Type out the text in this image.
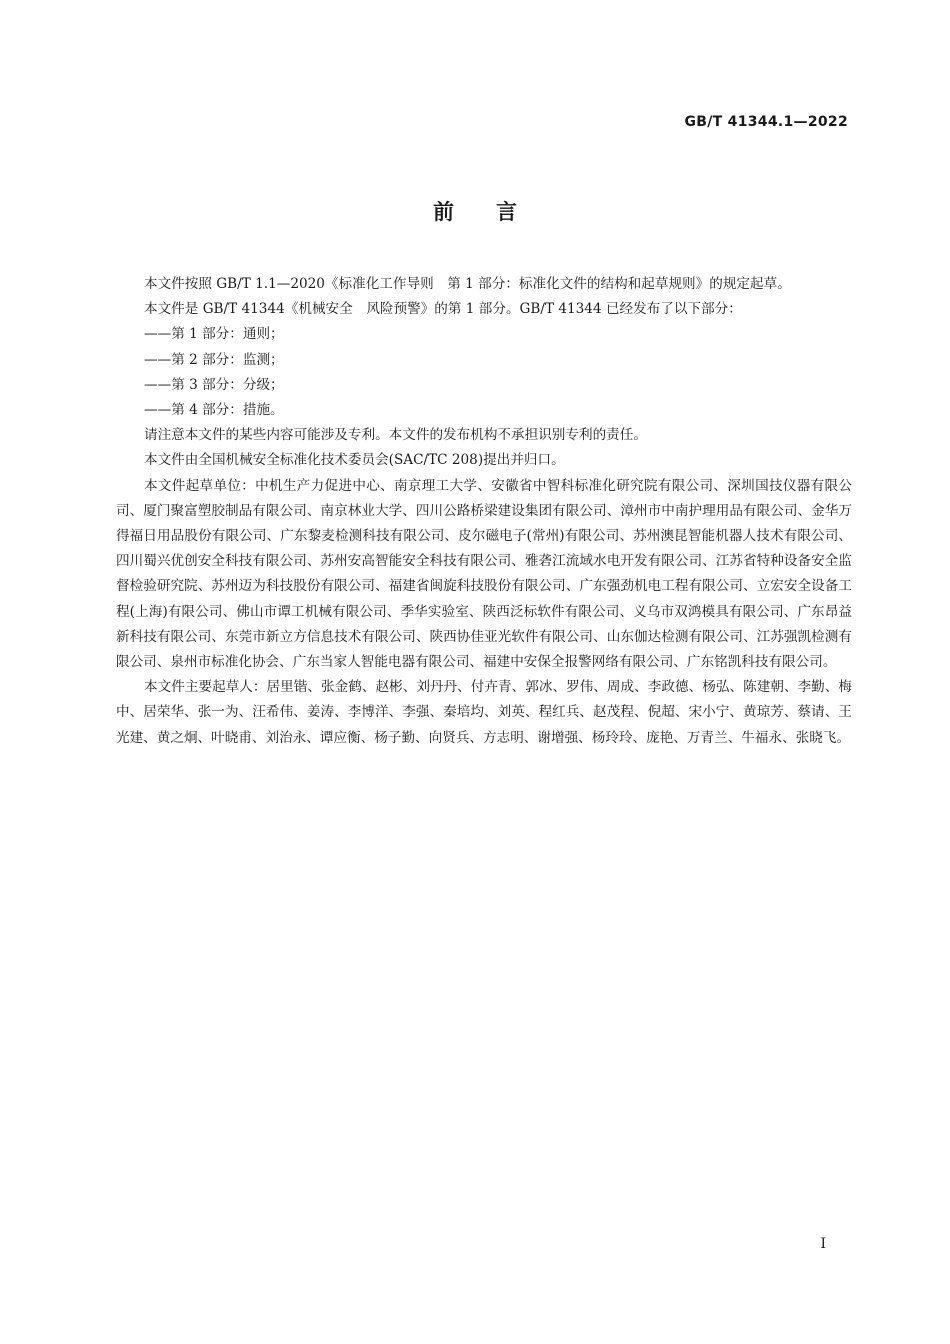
GB/T 41344.1—2022
前言

本文件按照 GB/T 1.1—2020《标准化工作导则　第 1 部分：标准化文件的结构和起草规则》的规定起草。

本文件是 GB/T 41344《机械安全　风险预警》的第 1 部分。GB/T 41344 已经发布了以下部分：

——第 1 部分：通则；

——第 2 部分：监测；

——第 3 部分：分级；

——第 4 部分：措施。

请注意本文件的某些内容可能涉及专利。本文件的发布机构不承担识别专利的责任。

本文件由全国机械安全标准化技术委员会(SAC/TC 208)提出并归口。

本文件起草单位：中机生产力促进中心、南京理工大学、安徽省中智科标准化研究院有限公司、深圳国技仪器有限公司、厦门聚富塑胶制品有限公司、南京林业大学、四川公路桥梁建设集团有限公司、漳州市中南护理用品有限公司、金华万得福日用品股份有限公司、广东黎麦检测科技有限公司、皮尔磁电子(常州)有限公司、苏州澳昆智能机器人技术有限公司、四川蜀兴优创安全科技有限公司、苏州安高智能安全科技有限公司、雅砻江流域水电开发有限公司、江苏省特种设备安全监督检验研究院、苏州迈为科技股份有限公司、福建省闽旋科技股份有限公司、广东强劲机电工程有限公司、立宏安全设备工程(上海)有限公司、佛山市谭工机械有限公司、季华实验室、陕西泛标软件有限公司、义乌市双鸿模具有限公司、广东昂益新科技有限公司、东莞市新立方信息技术有限公司、陕西协佳亚光软件有限公司、山东伽达检测有限公司、江苏强凯检测有限公司、泉州市标准化协会、广东当家人智能电器有限公司、福建中安保全报警网络有限公司、广东铭凯科技有限公司。

本文件主要起草人：居里锴、张金鹤、赵彬、刘丹丹、付卉青、郭冰、罗伟、周成、李政德、杨弘、陈建朝、李勤、梅中、居荣华、张一为、汪希伟、姜涛、李博洋、李强、秦培均、刘英、程红兵、赵茂程、倪超、宋小宁、黄琼芳、蔡请、王光建、黄之炯、叶晓甫、刘治永、谭应衡、杨子勤、向贤兵、方志明、谢增强、杨玲玲、庞艳、万青兰、牛福永、张晓飞。

I
